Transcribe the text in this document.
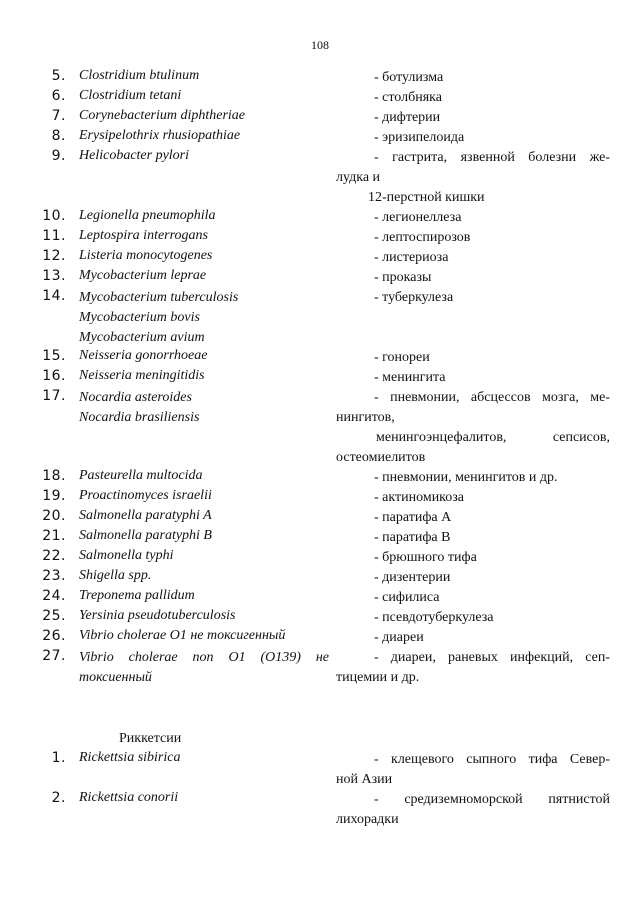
108
5. Clostridium btulinum	- ботулизма
6. Clostridium tetani	- столбняка
7. Corynebacterium diphtheriae	- дифтерии
8. Erysipelothrix rhusiopathiae	- эризипелоида
9. Helicobacter pylori	- гастрита, язвенной болезни же-
лудка и
12-перстной кишки
10. Legionella pneumophila	- легионеллеза
11. Leptospira interrogans	- лептоспирозов
12. Listeria monocytogenes	- листериоза
13. Mycobacterium leprae	- проказы
14. Mycobacterium tuberculosis
Mycobacterium bovis
Mycobacterium avium
- туберкулеза
15. Neisseria gonorrhoeae	- гонореи
16. Neisseria meningitidis	- менингита
17. Nocardia asteroides
Nocardia brasiliensis
- пневмонии, абсцессов мозга, ме-
нингитов,
менингоэнцефалитов, сепсисов,
остеомиелитов
18. Pasteurella multocida	- пневмонии, менингитов и др.
19. Proactinomyces israelii	- актиномикоза
20. Salmonella paratyphi A	- паратифа А
21. Salmonella paratyphi B	- паратифа В
22. Salmonella typhi	- брюшного тифа
23. Shigella spp.	- дизентерии
24. Treponema pallidum	- сифилиса
25. Yersinia pseudotuberculosis	- псевдотуберкулеза
26. Vibrio cholerae O1 не токсигенный	- диареи
27. Vibrio cholerae non O1 (O139) не
токсиенный
- диареи, раневых инфекций, сеп-
тицемии и др.
Риккетсии
1. Rickettsia sibirica	- клещевого сыпного тифа Север-
ной Азии
2. Rickettsia conorii	- средиземноморской пятнистой
лихорадки
